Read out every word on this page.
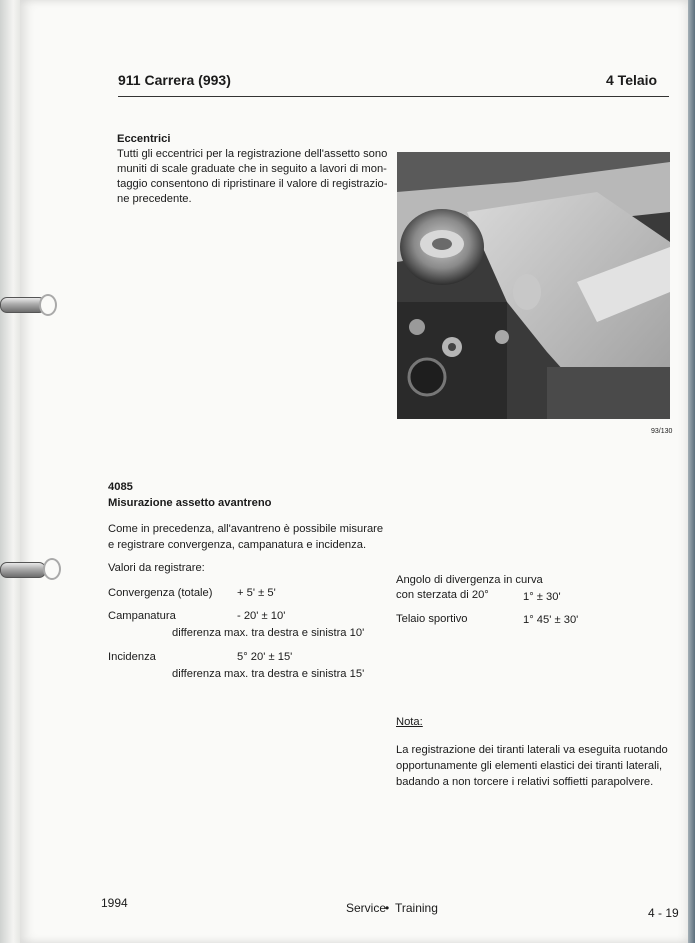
911 Carrera (993)	4 Telaio
Eccentrici
Tutti gli eccentrici per la registrazione dell'assetto sono
muniti di scale graduate che in seguito a lavori di mon-
taggio consentono di ripristinare il valore di registrazio-
ne precedente.
93/130
4085
Misurazione assetto avantreno
Come in precedenza, all'avantreno è possibile misurare
e registrare convergenza, campanatura e incidenza.
Valori da registrare:
Convergenza (totale) + 5' ± 5'
Campanatura	- 20' ± 10'
differenza max. tra destra e sinistra 10'
Incidenza	5° 20' ± 15'
differenza max. tra destra e sinistra 15'
Angolo di divergenza in curva
con sterzata di 20°	1° ± 30'
Telaio sportivo	1° 45' ± 30'
Nota:
La registrazione dei tiranti laterali va eseguita ruotando
opportunamente gli elementi elastici dei tiranti laterali,
badando a non torcere i relativi soffietti parapolvere.
1994	Service
• Training	4 - 19
